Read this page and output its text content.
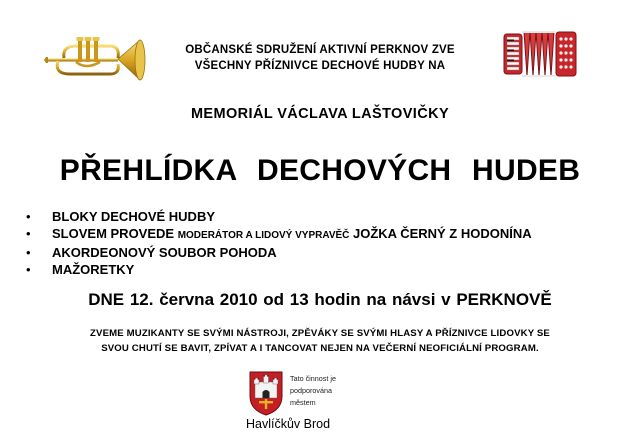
OBČANSKÉ SDRUŽENÍ AKTIVNÍ PERKNOV ZVE
VŠECHNY PŘÍZNIVCE DECHOVÉ HUDBY NA
MEMORIÁL VÁCLAVA LAŠTOVIČKY
PŘEHLÍDKA DECHOVÝCH HUDEB
• BLOKY DECHOVÉ HUDBY
• SLOVEM PROVEDE MODERÁTOR A LIDOVÝ VYPRAVĚČ JOŽKA ČERNÝ Z HODONÍNA
• AKORDEONOVÝ SOUBOR POHODA
• MAŽORETKY
DNE 12. června 2010 od 13 hodin na návsi v PERKNOVĚ
ZVEME MUZIKANTY SE SVÝMI NÁSTROJI, ZPĚVÁKY SE SVÝMI HLASY A PŘÍZNIVCE LIDOVKY SE
SVOU CHUTÍ SE BAVIT, ZPÍVAT A I TANCOVAT NEJEN NA VEČERNÍ NEOFICIÁLNÍ PROGRAM.
Tato činnost je
podporována
městem
Havlíčkův Brod
